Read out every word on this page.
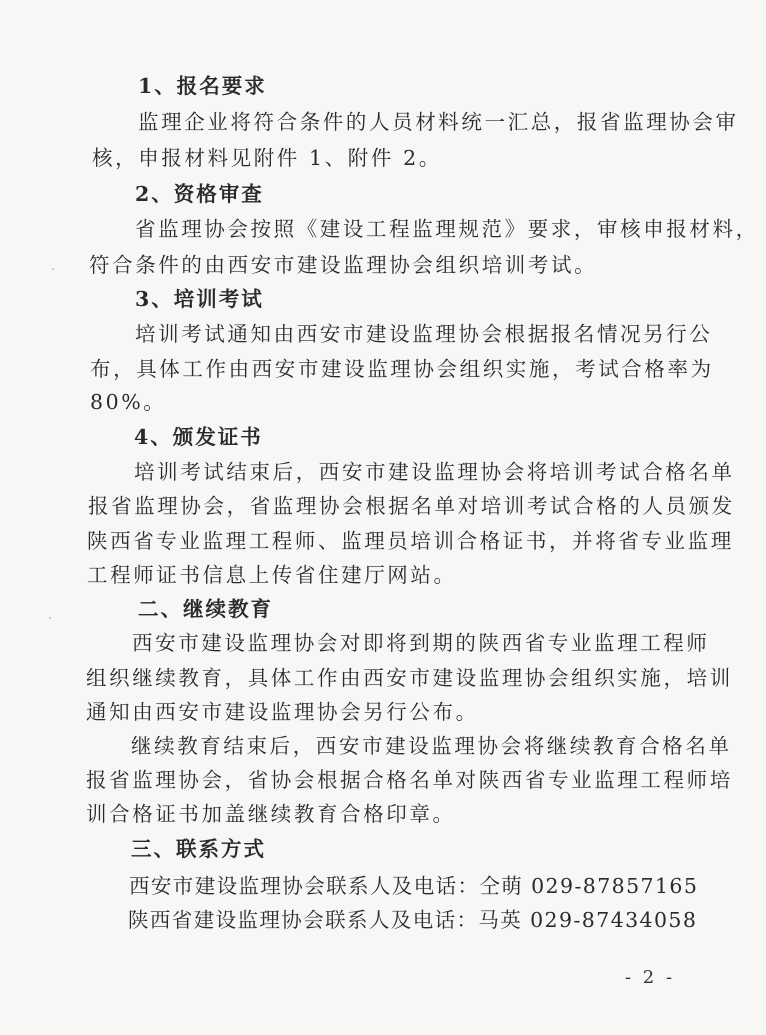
1、报名要求
监理企业将符合条件的人员材料统一汇总，报省监理协会审
核，申报材料见附件 1、附件 2。
2、资格审查
省监理协会按照《建设工程监理规范》要求，审核申报材料，
符合条件的由西安市建设监理协会组织培训考试。
3、培训考试
培训考试通知由西安市建设监理协会根据报名情况另行公
布，具体工作由西安市建设监理协会组织实施，考试合格率为
80%。
4、颁发证书
培训考试结束后，西安市建设监理协会将培训考试合格名单
报省监理协会，省监理协会根据名单对培训考试合格的人员颁发
陕西省专业监理工程师、监理员培训合格证书，并将省专业监理
工程师证书信息上传省住建厅网站。
二、继续教育
西安市建设监理协会对即将到期的陕西省专业监理工程师
组织继续教育，具体工作由西安市建设监理协会组织实施，培训
通知由西安市建设监理协会另行公布。
继续教育结束后，西安市建设监理协会将继续教育合格名单
报省监理协会，省协会根据合格名单对陕西省专业监理工程师培
训合格证书加盖继续教育合格印章。
三、联系方式
西安市建设监理协会联系人及电话：仝萌 029-87857165
陕西省建设监理协会联系人及电话：马英 029-87434058
- 2 -
